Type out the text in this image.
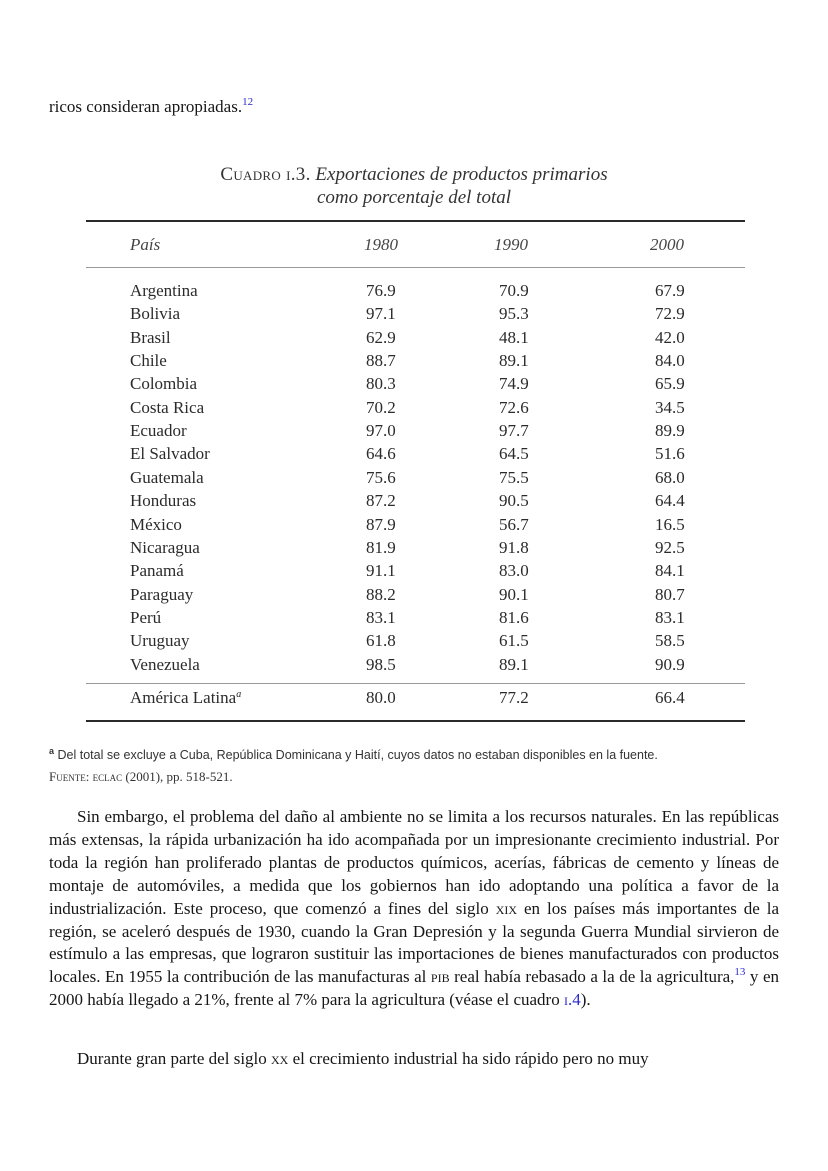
ricos consideran apropiadas.$^{12}$
Cuadro i.3. Exportaciones de productos primarios
como porcentaje del total
País	1980	1990	2000
Argentina	76.9	70.9	67.9
Bolivia	97.1	95.3	72.9
Brasil	62.9	48.1	42.0
Chile	88.7	89.1	84.0
Colombia	80.3	74.9	65.9
Costa Rica	70.2	72.6	34.5
Ecuador	97.0	97.7	89.9
El Salvador	64.6	64.5	51.6
Guatemala	75.6	75.5	68.0
Honduras	87.2	90.5	64.4
México	87.9	56.7	16.5
Nicaragua	81.9	91.8	92.5
Panamá	91.1	83.0	84.1
Paraguay	88.2	90.1	80.7
Perú	83.1	81.6	83.1
Uruguay	61.8	61.5	58.5
Venezuela	98.5	89.1	90.9
América Latina$^a$	80.0	77.2	66.4
$^a$ Del total se excluye a Cuba, República Dominicana y Haití, cuyos datos no estaban disponibles en la fuente.
Fuente: eclac (2001), pp. 518-521.
Sin embargo, el problema del daño al ambiente no se limita a los recursos naturales. En las repúblicas más extensas, la rápida urbanización ha ido acompañada por un impresionante crecimiento industrial. Por toda la región han proliferado plantas de productos químicos, acerías, fábricas de cemento y líneas de montaje de automóviles, a medida que los gobiernos han ido adoptando una política a favor de la industrialización. Este proceso, que comenzó a fines del siglo xix en los países más importantes de la región, se aceleró después de 1930, cuando la Gran Depresión y la segunda Guerra Mundial sirvieron de estímulo a las empresas, que lograron sustituir las importaciones de bienes manufacturados con productos locales. En 1955 la contribución de las manufacturas al pib real había rebasado a la de la agricultura,$^{13}$ y en 2000 había llegado a 21%, frente al 7% para la agricultura (véase el cuadro i.4).
Durante gran parte del siglo xx el crecimiento industrial ha sido rápido pero no muy
